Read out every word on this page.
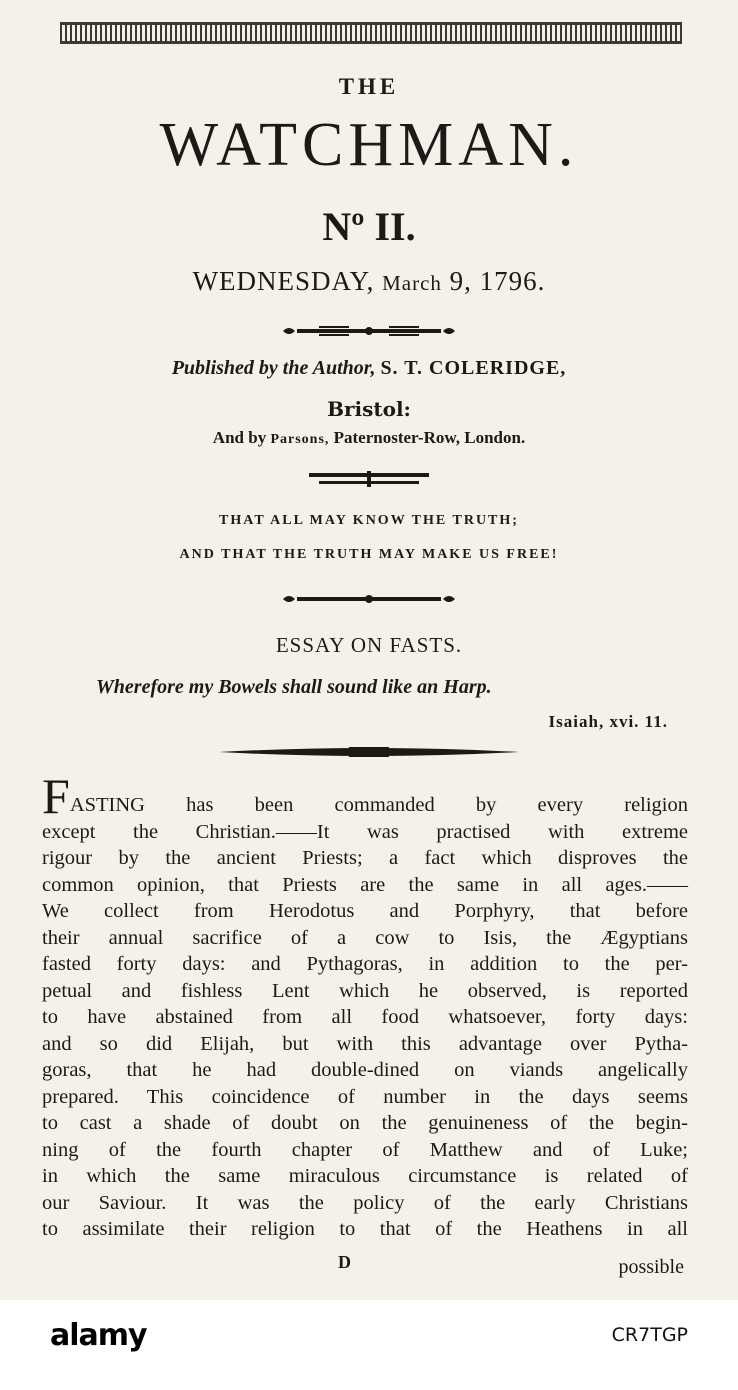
THE
WATCHMAN.
Nº II.
WEDNESDAY, March 9, 1796.
Published by the Author, S. T. COLERIDGE,
Bristol:
And by Parsons, Paternoster-Row, London.
THAT ALL MAY KNOW THE TRUTH;
AND THAT THE TRUTH MAY MAKE US FREE!
ESSAY ON FASTS.
Wherefore my Bowels shall sound like an Harp.
Isaiah, xvi. 11.
FASTING has been commanded by every religion
except the Christian.——It was practised with extreme
rigour by the ancient Priests; a fact which disproves the
common opinion, that Priests are the same in all ages.——
We collect from Herodotus and Porphyry, that before
their annual sacrifice of a cow to Isis, the Ægyptians
fasted forty days: and Pythagoras, in addition to the per-
petual and fishless Lent which he observed, is reported
to have abstained from all food whatsoever, forty days:
and so did Elijah, but with this advantage over Pytha-
goras, that he had double-dined on viands angelically
prepared. This coincidence of number in the days seems
to cast a shade of doubt on the genuineness of the begin-
ning of the fourth chapter of Matthew and of Luke;
in which the same miraculous circumstance is related of
our Saviour. It was the policy of the early Christians
to assimilate their religion to that of the Heathens in all
D	possible
alamy	CR7TGP
